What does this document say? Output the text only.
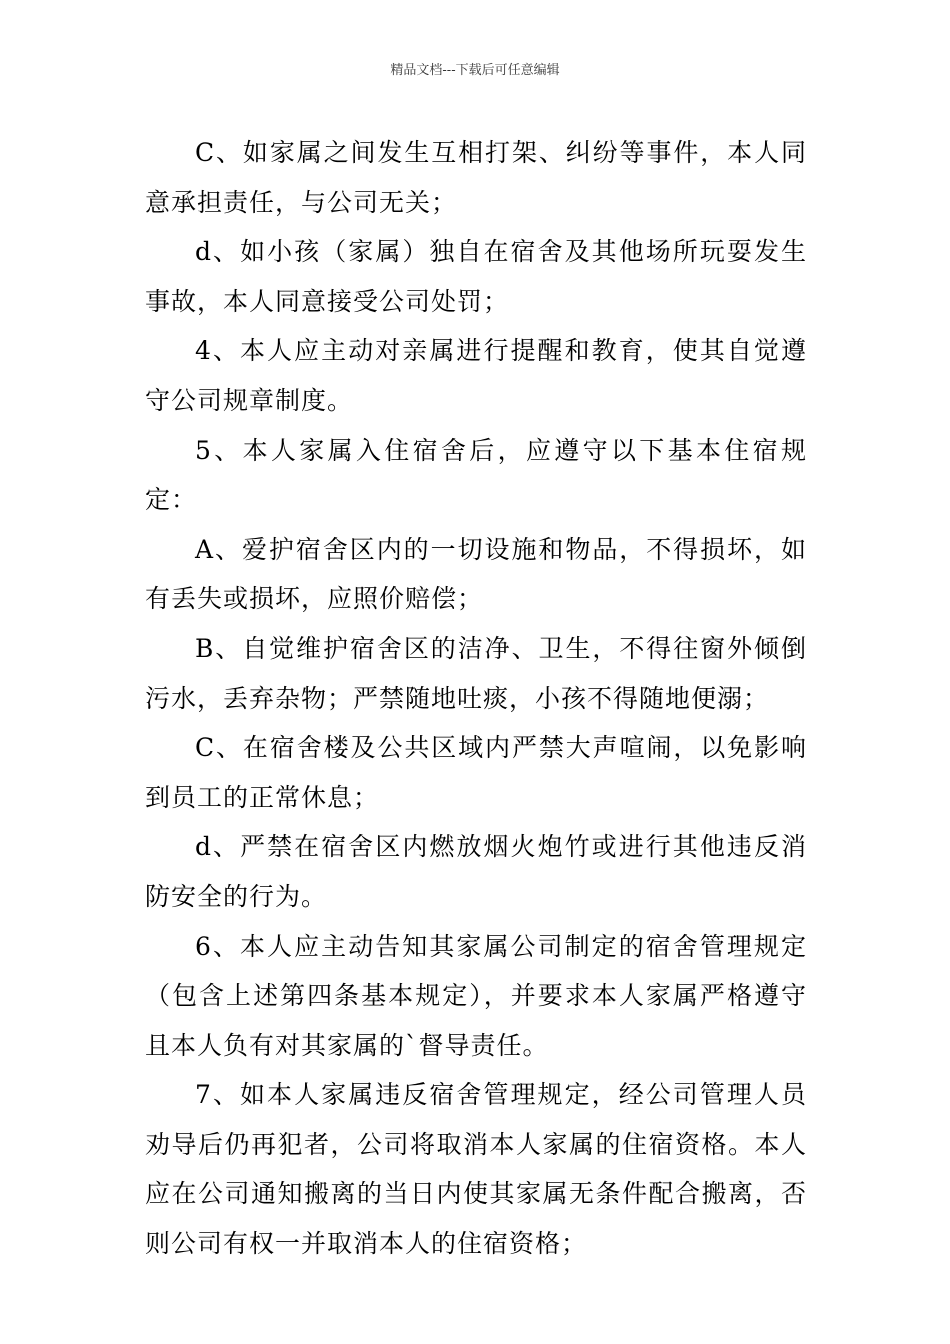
精品文档---下载后可任意编辑

C、如家属之间发生互相打架、纠纷等事件，本人同意承担责任，与公司无关；

d、如小孩（家属）独自在宿舍及其他场所玩耍发生事故，本人同意接受公司处罚；

4、本人应主动对亲属进行提醒和教育，使其自觉遵守公司规章制度。

5、本人家属入住宿舍后，应遵守以下基本住宿规定：

A、爱护宿舍区内的一切设施和物品，不得损坏，如有丢失或损坏，应照价赔偿；

B、自觉维护宿舍区的洁净、卫生，不得往窗外倾倒污水，丢弃杂物；严禁随地吐痰，小孩不得随地便溺；

C、在宿舍楼及公共区域内严禁大声喧闹，以免影响到员工的正常休息；

d、严禁在宿舍区内燃放烟火炮竹或进行其他违反消防安全的行为。

6、本人应主动告知其家属公司制定的宿舍管理规定（包含上述第四条基本规定），并要求本人家属严格遵守且本人负有对其家属的`督导责任。

7、如本人家属违反宿舍管理规定，经公司管理人员劝导后仍再犯者，公司将取消本人家属的住宿资格。本人应在公司通知搬离的当日内使其家属无条件配合搬离，否则公司有权一并取消本人的住宿资格；
